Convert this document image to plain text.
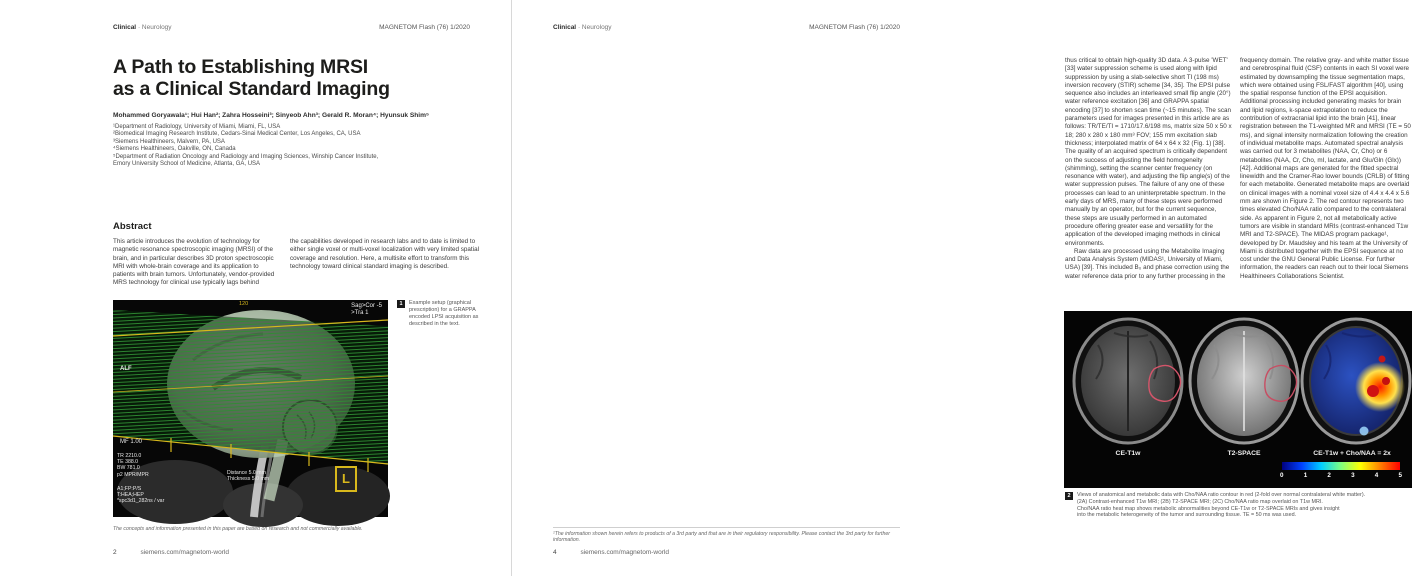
Clinical · Neurology	MAGNETOM Flash (76) 1/2020
A Path to Establishing MRSI
as a Clinical Standard Imaging
Mohammed Goryawala¹; Hui Han²; Zahra Hosseini³; Sinyeob Ahn³; Gerald R. Moran⁴; Hyunsuk Shim⁵
¹Department of Radiology, University of Miami, Miami, FL, USA
²Biomedical Imaging Research Institute, Cedars-Sinai Medical Center, Los Angeles, CA, USA
³Siemens Healthineers, Malvern, PA, USA
⁴Siemens Healthineers, Oakville, ON, Canada
⁵Department of Radiation Oncology and Radiology and Imaging Sciences, Winship Cancer Institute,
Emory University School of Medicine, Atlanta, GA, USA
Abstract
This article introduces the evolution of technology for magnetic resonance spectroscopic imaging (MRSI) of the brain, and in particular describes 3D proton spectroscopic MRI with whole-brain coverage and its application to patients with brain tumors. Unfortunately, vendor-provided MRS technology for clinical use typically lags behind
the capabilities developed in research labs and to date is limited to either single voxel or multi-voxel localization with very limited spatial coverage and resolution. Here, a multisite effort to transform this technology toward clinical standard imaging is described.
Sag>Cor -5
>Tra 1
120
ALF
MF 1.00
TR 2210.0
TE 388.0
BW 781.0
p2 MPR/MPR
A1;FP:P/S
T:HEA;HEP
*spc3d1_282ns / var
Distance 5.0 mm
Thickness 5.0 mm	L
1 Example setup (graphical prescription) for a GRAPPA encoded LPSI acquisition as described in the text.
The concepts and information presented in this paper are based on research and not commercially available.
2	siemens.com/magnetom-world
Clinical · Neurology	MAGNETOM Flash (76) 1/2020
thus critical to obtain high-quality 3D data. A 3-pulse 'WET' [33] water suppression scheme is used along with lipid suppression by using a slab-selective short TI (198 ms) inversion recovery (STIR) scheme [34, 35]. The EPSI pulse sequence also includes an interleaved small flip angle (20°) water reference excitation [36] and GRAPPA spatial encoding [37] to shorten scan time (~15 minutes). The scan parameters used for images presented in this article are as follows: TR/TE/TI = 1710/17.6/198 ms, matrix size 50 x 50 x 18; 280 x 280 x 180 mm³ FOV; 155 mm excitation slab thickness; interpolated matrix of 64 x 64 x 32 (Fig. 1) [38]. The quality of an acquired spectrum is critically dependent on the success of adjusting the field homogeneity (shimming), setting the scanner center frequency (on resonance with water), and adjusting the flip angle(s) of the water suppression pulses. The failure of any one of these processes can lead to an uninterpretable spectrum. In the early days of MRS, many of these steps were performed manually by an operator, but for the current sequence, these steps are usually performed in an automated procedure offering greater ease and versatility for the application of the developed imaging methods in clinical environments.
Raw data are processed using the Metabolite Imaging and Data Analysis System (MIDAS¹, University of Miami, USA) [39]. This included B₀ and phase correction using the water reference data prior to any further processing in the
frequency domain. The relative gray- and white matter tissue and cerebrospinal fluid (CSF) contents in each SI voxel were estimated by downsampling the tissue segmentation maps, which were obtained using FSL/FAST algorithm [40], using the spatial response function of the EPSI acquisition. Additional processing included generating masks for brain and lipid regions, k-space extrapolation to reduce the contribution of extracranial lipid into the brain [41], linear registration between the T1-weighted MR and MRSI (TE = 50 ms), and signal intensity normalization following the creation of individual metabolite maps. Automated spectral analysis was carried out for 3 metabolites (NAA, Cr, Cho) or 6 metabolites (NAA, Cr, Cho, mI, lactate, and Glu/Gln (Glx)) [42]. Additional maps are generated for the fitted spectral linewidth and the Cramer-Rao lower bounds (CRLB) of fitting for each metabolite. Generated metabolite maps are overlaid on clinical images with a nominal voxel size of 4.4 x 4.4 x 5.6 mm are shown in Figure 2. The red contour represents two times elevated Cho/NAA ratio compared to the contralateral side. As apparent in Figure 2, not all metabolically active tumors are visible in standard MRIs (contrast-enhanced T1w MRI and T2-SPACE). The MIDAS program package¹, developed by Dr. Maudsley and his team at the University of Miami is distributed together with the EPSI sequence at no cost under the GNU General Public License. For further information, the readers can reach out to their local Siemens Healthineers Collaborations Scientist.
CE-T1w	T2-SPACE	CE-T1w + Cho/NAA = 2x
0	1	2	3	4	5
2 Views of anatomical and metabolic data with Cho/NAA ratio contour in red (2-fold over normal contralateral white matter).
(2A) Contrast-enhanced T1w MRI; (2B) T2-SPACE MRI; (2C) Cho/NAA ratio map overlaid on T1w MRI.
Cho/NAA ratio heat map shows metabolic abnormalities beyond CE-T1w or T2-SPACE MRIs and gives insight
into the metabolic heterogeneity of the tumor and surrounding tissue. TE = 50 ms was used.
¹The information shown herein refers to products of a 3rd party and that are in their regulatory responsibility. Please contact the 3rd party for further information.
4	siemens.com/magnetom-world
